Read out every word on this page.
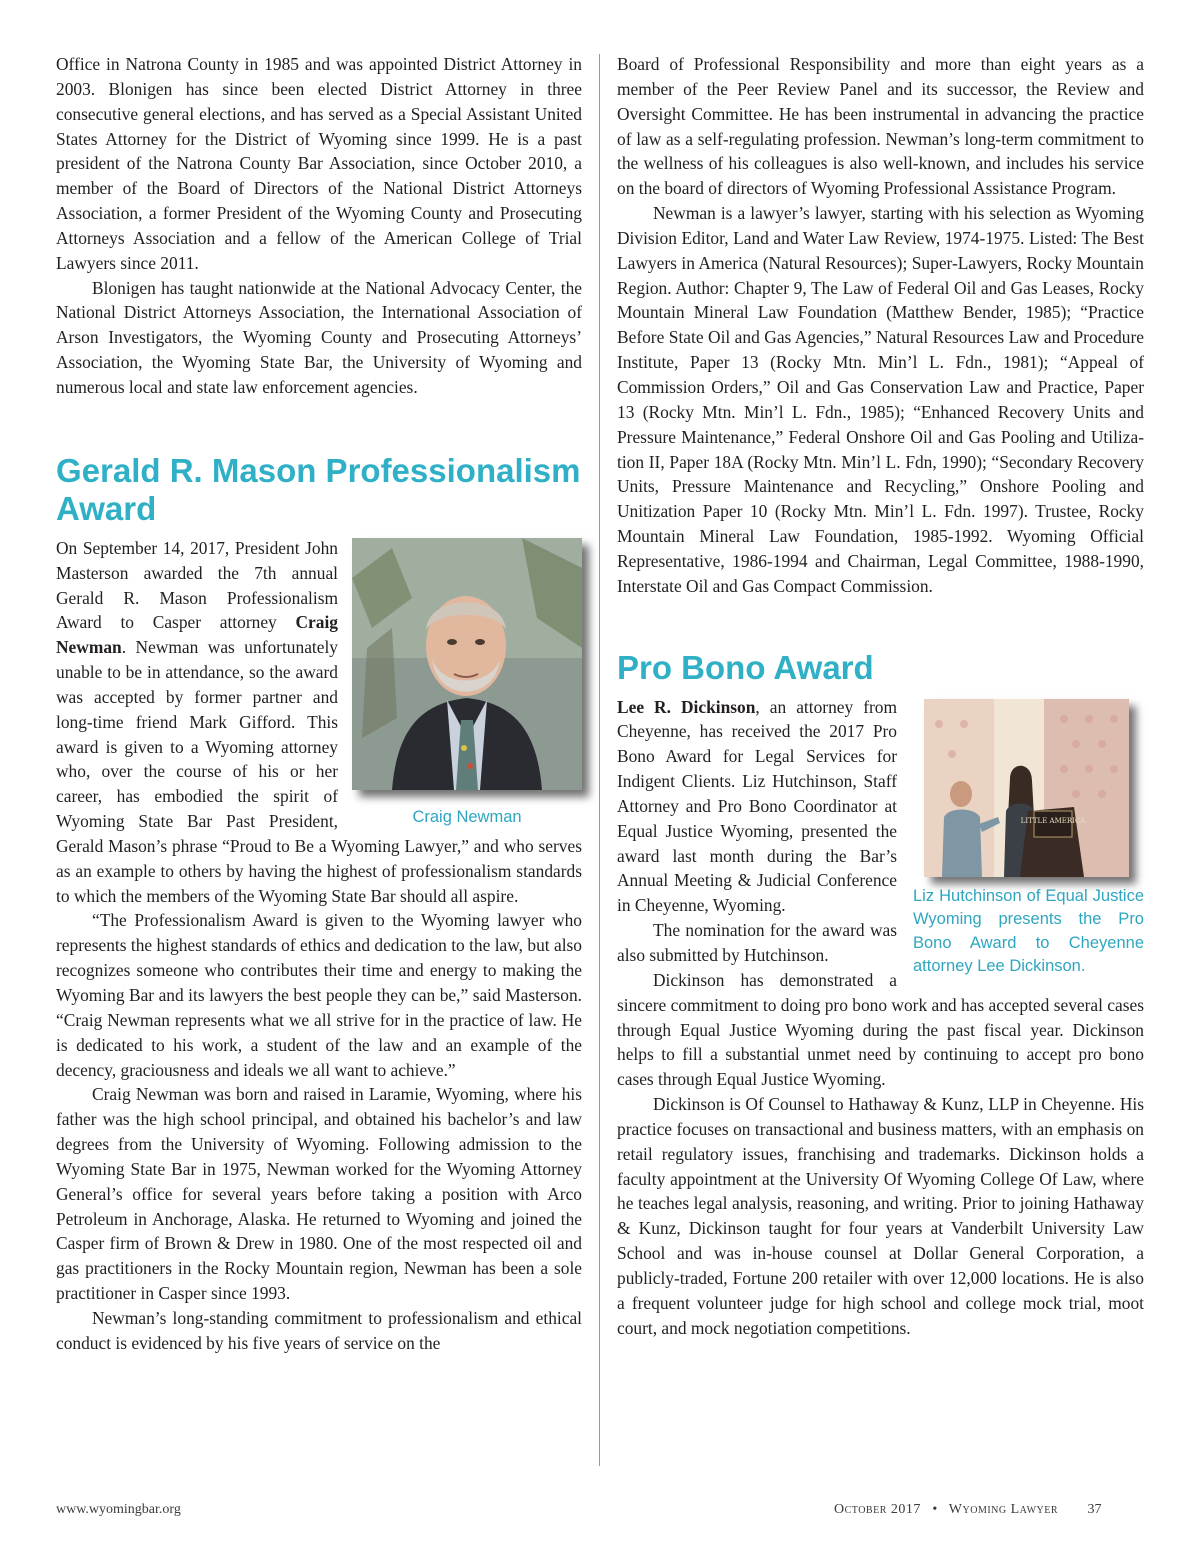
Office in Natrona County in 1985 and was appointed District Attorney in 2003. Blonigen has since been elected District Attorney in three consecutive general elections, and has served as a Special Assistant United States Attorney for the District of Wyoming since 1999. He is a past president of the Natrona County Bar Association, since October 2010, a member of the Board of Directors of the National District Attorneys Association, a former President of the Wyoming County and Prosecuting Attorneys Association and a fellow of the American College of Trial Lawyers since 2011.

Blonigen has taught nationwide at the National Advocacy Center, the National District Attorneys Association, the International Association of Arson Investigators, the Wyoming County and Prosecuting Attorneys’ Association, the Wyoming State Bar, the University of Wyoming and numerous local and state law enforcement agencies.

Gerald R. Mason Professionalism Award
Craig Newman

On September 14, 2017, President John Masterson awarded the 7th annual Gerald R. Mason Professionalism Award to Casper attorney Craig Newman. Newman was unfortunately unable to be in attendance, so the award was accepted by former partner and long-time friend Mark Gifford. This award is given to a Wyoming attorney who, over the course of his or her career, has embodied the spirit of Wyoming State Bar Past President, Gerald Mason’s phrase “Proud to Be a Wyoming Lawyer,” and who serves as an example to others by having the highest of professionalism standards to which the members of the Wyoming State Bar should all aspire.

“The Professionalism Award is given to the Wyoming lawyer who represents the highest standards of ethics and dedication to the law, but also recognizes someone who contributes their time and energy to making the Wyoming Bar and its lawyers the best people they can be,” said Masterson. “Craig Newman represents what we all strive for in the practice of law. He is dedicated to his work, a student of the law and an example of the decency, graciousness and ideals we all want to achieve.”

Craig Newman was born and raised in Laramie, Wyoming, where his father was the high school principal, and obtained his bachelor’s and law degrees from the University of Wyoming. Following admission to the Wyoming State Bar in 1975, Newman worked for the Wyoming Attorney General’s office for several years before taking a position with Arco Petroleum in Anchorage, Alaska. He returned to Wyoming and joined the Casper firm of Brown & Drew in 1980. One of the most respected oil and gas practitioners in the Rocky Mountain region, Newman has been a sole practitioner in Casper since 1993.

Newman’s long-standing commitment to professionalism and ethical conduct is evidenced by his five years of service on the

Board of Professional Responsibility and more than eight years as a member of the Peer Review Panel and its successor, the Review and Oversight Committee. He has been instrumental in advancing the practice of law as a self-regulating profession. Newman’s long-term commitment to the wellness of his colleagues is also well-known, and includes his service on the board of directors of Wyoming Professional Assistance Program.

Newman is a lawyer’s lawyer, starting with his selection as Wyoming Division Editor, Land and Water Law Review, 1974-1975. Listed: The Best Lawyers in America (Natural Resources); Super-Lawyers, Rocky Mountain Region. Author: Chapter 9, The Law of Federal Oil and Gas Leases, Rocky Mountain Mineral Law Foundation (Matthew Bender, 1985); “Practice Before State Oil and Gas Agencies,” Natural Resources Law and Procedure Institute, Paper 13 (Rocky Mtn. Min’l L. Fdn., 1981); “Appeal of Commission Orders,” Oil and Gas Conservation Law and Practice, Paper 13 (Rocky Mtn. Min’l L. Fdn., 1985); “Enhanced Recovery Units and Pressure Maintenance,” Federal Onshore Oil and Gas Pooling and Utilization II, Paper 18A (Rocky Mtn. Min’l L. Fdn, 1990); “Secondary Recovery Units, Pressure Maintenance and Recycling,” Onshore Pooling and Unitization Paper 10 (Rocky Mtn. Min’l L. Fdn. 1997). Trustee, Rocky Mountain Mineral Law Foundation, 1985-1992. Wyoming Official Representative, 1986-1994 and Chairman, Legal Committee, 1988-1990, Interstate Oil and Gas Compact Commission.

Pro Bono Award
LITTLE AMERICA
Liz Hutchinson of Equal Justice Wyoming presents the Pro Bono Award to Cheyenne attorney Lee Dickinson.

Lee R. Dickinson, an attorney from Cheyenne, has received the 2017 Pro Bono Award for Legal Services for Indigent Clients. Liz Hutchinson, Staff Attorney and Pro Bono Coordinator at Equal Justice Wyoming, presented the award last month during the Bar’s Annual Meeting & Judicial Conference in Cheyenne, Wyoming.

The nomination for the award was also submitted by Hutchinson.

Dickinson has demonstrated a sincere commitment to doing pro bono work and has accepted several cases through Equal Justice Wyoming during the past fiscal year. Dickinson helps to fill a substantial unmet need by continuing to accept pro bono cases through Equal Justice Wyoming.

Dickinson is Of Counsel to Hathaway & Kunz, LLP in Cheyenne. His practice focuses on transactional and business matters, with an emphasis on retail regulatory issues, franchising and trademarks. Dickinson holds a faculty appointment at the University Of Wyoming College Of Law, where he teaches legal analysis, reasoning, and writing. Prior to joining Hathaway & Kunz, Dickinson taught for four years at Vanderbilt University Law School and was in-house counsel at Dollar General Corporation, a publicly-traded, Fortune 200 retailer with over 12,000 locations. He is also a frequent volunteer judge for high school and college mock trial, moot court, and mock negotiation competitions.

www.wyomingbar.org	October 2017 • Wyoming Lawyer 37
